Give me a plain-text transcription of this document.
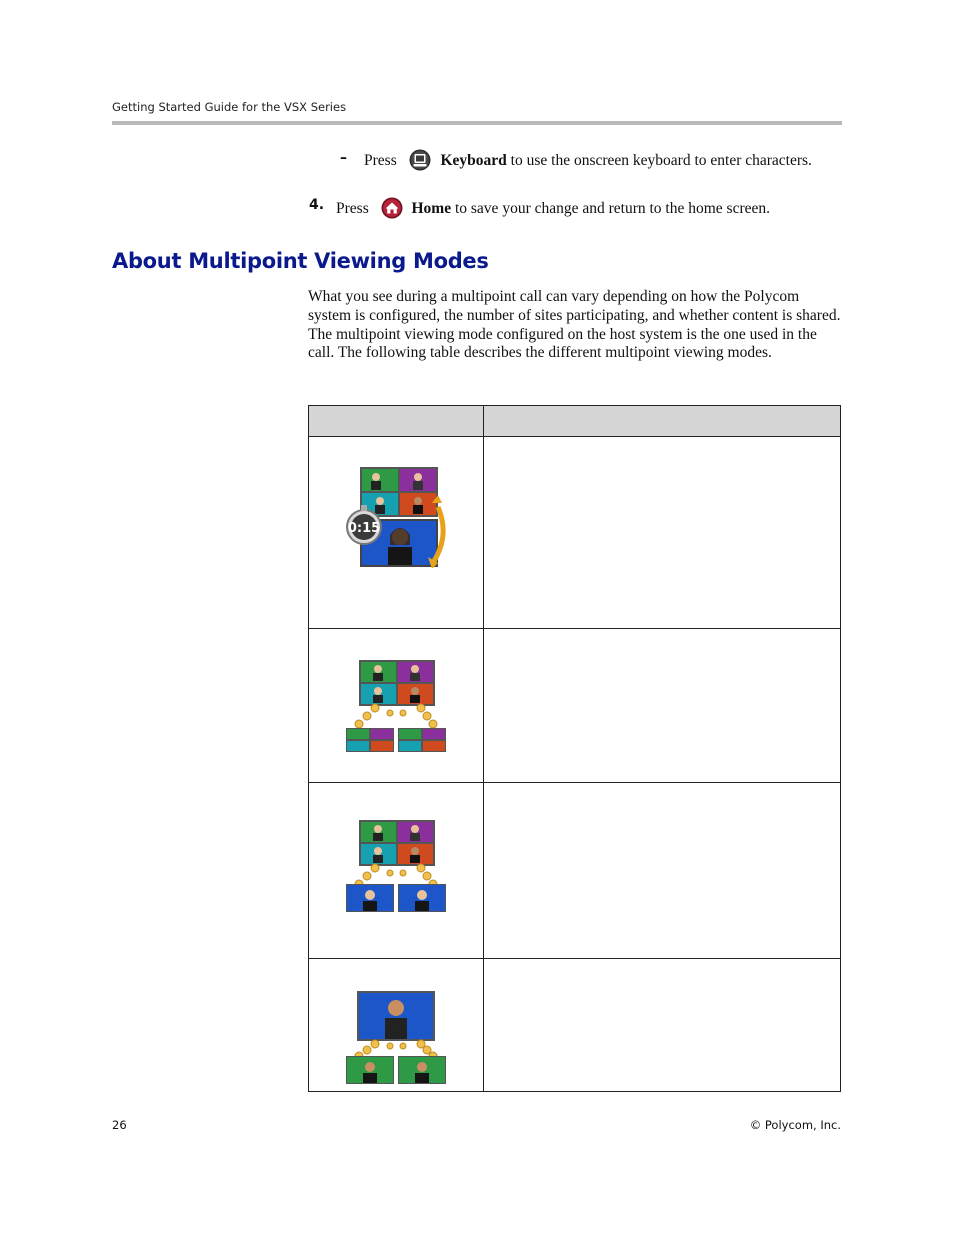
Getting Started Guide for the VSX Series
– Press	Keyboard to use the onscreen keyboard to enter characters.
4. Press	Home to save your change and return to the home screen.
About Multipoint Viewing Modes
What you see during a multipoint call can vary depending on how the Polycom system is configured, the number of sites participating, and whether content is shared. The multipoint viewing mode configured on the host system is the one used in the call. The following table describes the different multipoint viewing modes.
0:15
26	© Polycom, Inc.
